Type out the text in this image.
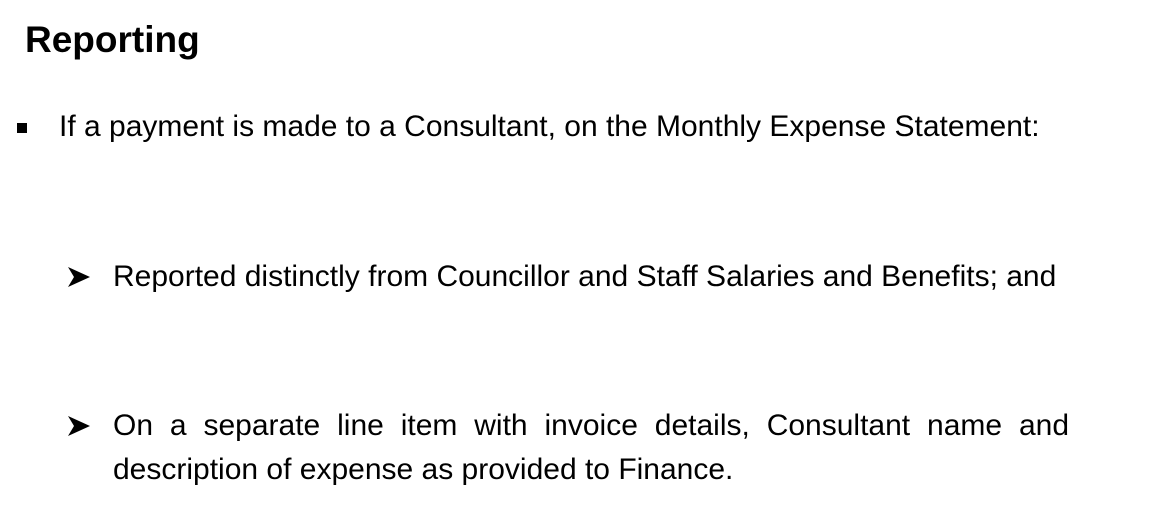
Reporting
If a payment is made to a Consultant, on the Monthly Expense Statement:
Reported distinctly from Councillor and Staff Salaries and Benefits; and
On a separate line item with invoice details, Consultant name and description of expense as provided to Finance.
